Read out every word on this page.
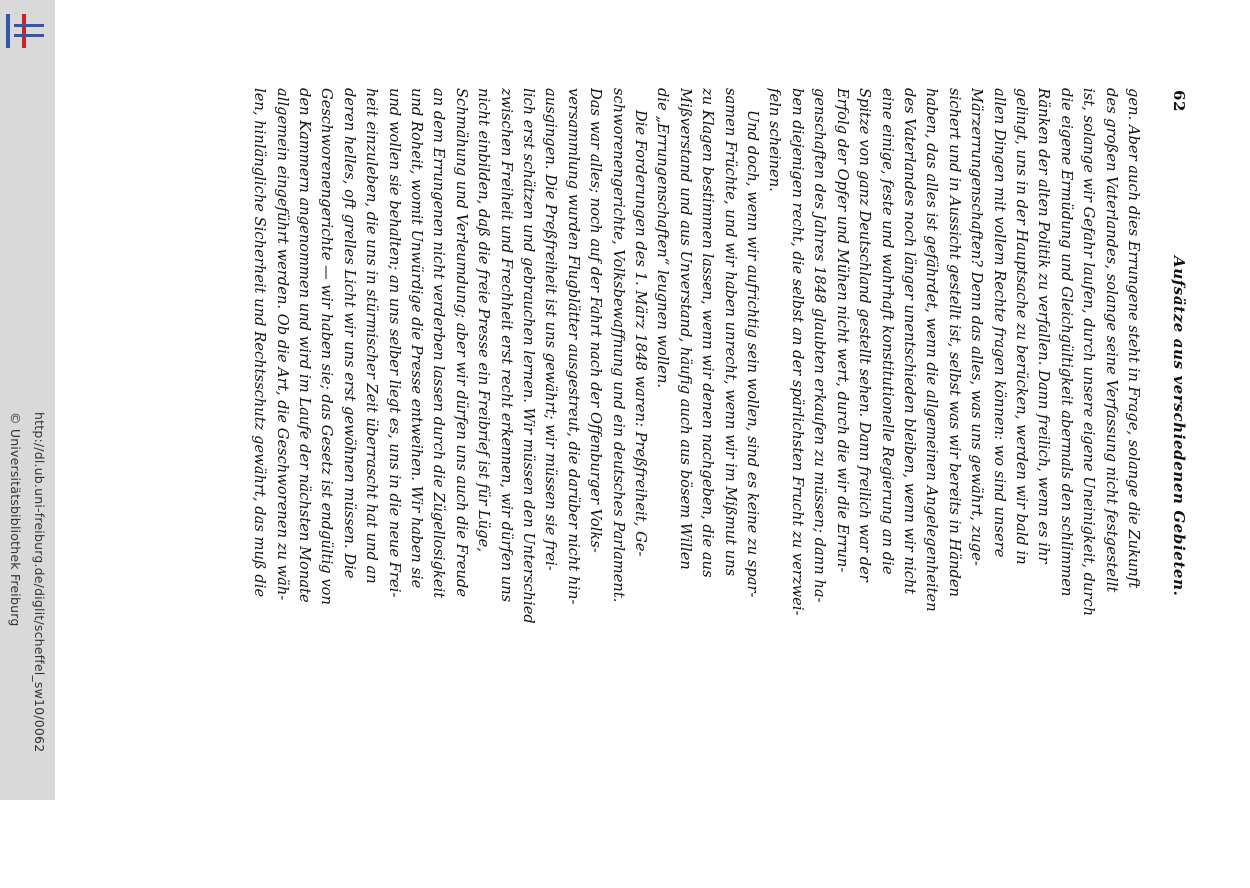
http://dl.ub.uni-freiburg.de/diglit/scheffel_sw10/0062
© Universitätsbibliothek Freiburg
62
Aufsätze aus verschiedenen Gebieten.
gen. Aber auch dies Errungene steht in Frage, solange die Zukunft
des großen Vaterlandes, solange seine Verfassung nicht festgestellt
ist, solange wir Gefahr laufen, durch unsere eigene Uneinigkeit, durch
die eigene Ermüdung und Gleichgültigkeit abermals den schlimmen
Ränken der alten Politik zu verfallen. Dann freilich, wenn es ihr
gelingt, uns in der Hauptsache zu berücken, werden wir bald in
allen Dingen mit vollem Rechte fragen können: wo sind unsere
Märzerrungenschaften? Denn das alles, was uns gewährt, zuge-
sichert und in Aussicht gestellt ist, selbst was wir bereits in Händen
haben, das alles ist gefährdet, wenn die allgemeinen Angelegenheiten
des Vaterlandes noch länger unentschieden bleiben, wenn wir nicht
eine einige, feste und wahrhaft konstitutionelle Regierung an die
Spitze von ganz Deutschland gestellt sehen. Dann freilich war der
Erfolg der Opfer und Mühen nicht wert, durch die wir die Errun-
genschaften des Jahres 1848 glaubten erkaufen zu müssen; dann ha-
ben diejenigen recht, die selbst an der spärlichsten Frucht zu verzwei-
feln scheinen.
Und doch, wenn wir aufrichtig sein wollen, sind es keine zu spar-
samen Früchte, und wir haben unrecht, wenn wir im Mißmut uns
zu Klagen bestimmen lassen, wenn wir denen nachgeben, die aus
Mißverstand und aus Unverstand, häufig auch aus bösem Willen
die „Errungenschaften“ leugnen wollen.
Die Forderungen des 1. März 1848 waren: Preßfreiheit, Ge-
schworenengerichte, Volksbewaffnung und ein deutsches Parlament.
Das war alles; noch auf der Fahrt nach der Offenburger Volks-
versammlung wurden Flugblätter ausgestreut, die darüber nicht hin-
ausgingen. Die Preßfreiheit ist uns gewährt; wir müssen sie frei-
lich erst schätzen und gebrauchen lernen. Wir müssen den Unterschied
zwischen Freiheit und Frechheit erst recht erkennen, wir dürfen uns
nicht einbilden, daß die freie Presse ein Freibrief ist für Lüge,
Schmähung und Verleumdung; aber wir dürfen uns auch die Freude
an dem Errungenen nicht verderben lassen durch die Zügellosigkeit
und Roheit, womit Unwürdige die Presse entweihen. Wir haben sie
und wollen sie behalten; an uns selber liegt es, uns in die neue Frei-
heit einzuleben, die uns in stürmischer Zeit überrascht hat und an
deren helles, oft grelles Licht wir uns erst gewöhnen müssen. Die
Geschworenengerichte — wir haben sie; das Gesetz ist endgültig von
den Kammern angenommen und wird im Laufe der nächsten Monate
allgemein eingeführt werden. Ob die Art, die Geschworenen zu wäh-
len, hinlängliche Sicherheit und Rechtsschutz gewährt, das muß die
